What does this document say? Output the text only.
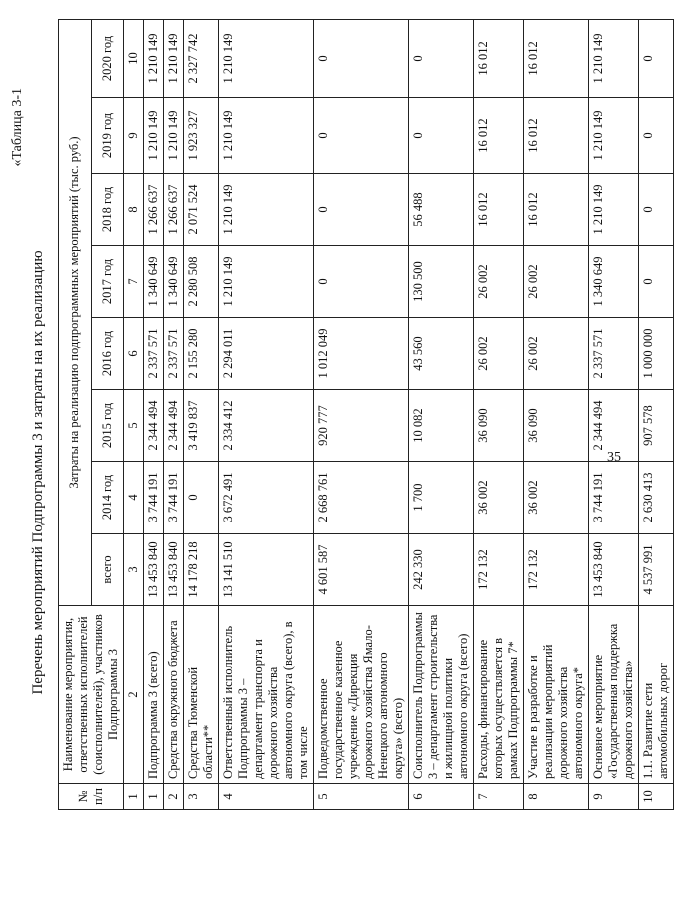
35
«Таблица 3-1
Перечень мероприятий Подпрограммы 3 и затраты на их реализацию
№ п/п	Наименование мероприятия, ответственных исполнителей (соисполнителей), участников Подпрограммы 3	Затраты на реализацию подпрограммных мероприятий (тыс. руб.)							
		всего	2014 год	2015 год	2016 год	2017 год	2018 год	2019 год	2020 год
1	2	3	4	5	6	7	8	9	10
1	Подпрограмма 3 (всего)	13 453 840	3 744 191	2 344 494	2 337 571	1 340 649	1 266 637	1 210 149	1 210 149
2	Средства окружного бюджета	13 453 840	3 744 191	2 344 494	2 337 571	1 340 649	1 266 637	1 210 149	1 210 149
3	Средства Тюменской области**	14 178 218	0	3 419 837	2 155 280	2 280 508	2 071 524	1 923 327	2 327 742
4	Ответственный исполнитель Подпрограммы 3 – департамент транспорта и дорожного хозяйства автономного округа (всего), в том числе	13 141 510	3 672 491	2 334 412	2 294 011	1 210 149	1 210 149	1 210 149	1 210 149
5	Подведомственное государственное казенное учреждение «Дирекция дорожного хозяйства Ямало-Ненецкого автономного округа» (всего)	4 601 587	2 668 761	920 777	1 012 049	0	0	0	0
6	Соисполнитель Подпрограммы 3 – департамент строительства и жилищной политики автономного округа (всего)	242 330	1 700	10 082	43 560	130 500	56 488	0	0
7	Расходы, финансирование которых осуществляется в рамках Подпрограммы 7*	172 132	36 002	36 090	26 002	26 002	16 012	16 012	16 012
8	Участие в разработке и реализации мероприятий дорожного хозяйства автономного округа*	172 132	36 002	36 090	26 002	26 002	16 012	16 012	16 012
9	Основное мероприятие «Государственная поддержка дорожного хозяйства»	13 453 840	3 744 191	2 344 494	2 337 571	1 340 649	1 210 149	1 210 149	1 210 149
10	1.1. Развитие сети автомобильных дорог	4 537 991	2 630 413	907 578	1 000 000	0	0	0	0
